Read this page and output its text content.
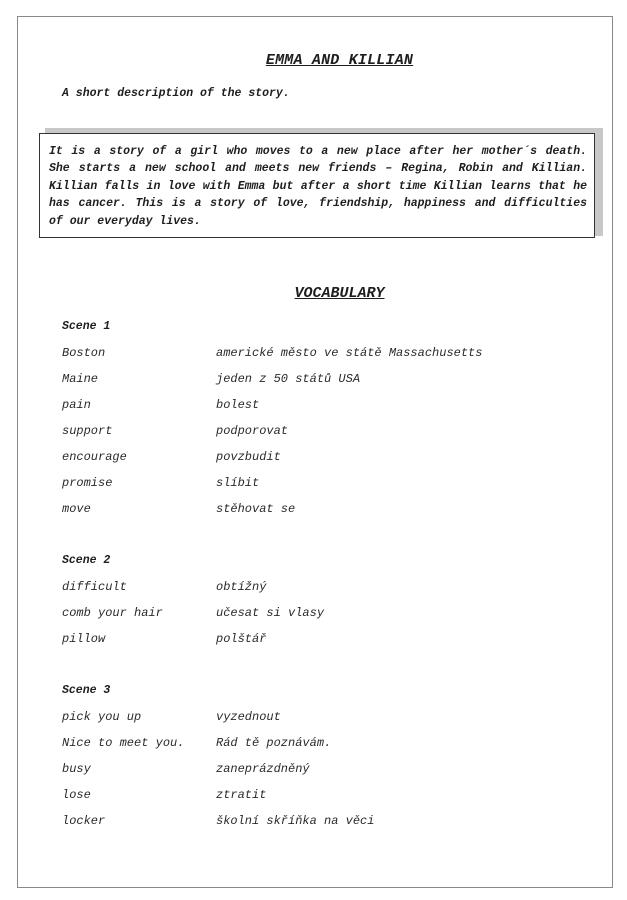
EMMA AND KILLIAN
A short description of the story.

It is a story of a girl who moves to a new place after her mother´s death. She starts a new school and meets new friends – Regina, Robin and Killian. Killian falls in love with Emma but after a short time Killian learns that he has cancer. This is a story of love, friendship, happiness and difficulties of our everyday lives.

VOCABULARY
Scene 1
Boston	americké město ve státě Massachusetts
Maine	jeden z 50 států USA
pain	bolest
support	podporovat
encourage	povzbudit
promise	slíbit
move	stěhovat se
Scene 2
difficult	obtížný
comb your hair	učesat si vlasy
pillow	polštář
Scene 3
pick you up	vyzednout
Nice to meet you.	Rád tě poznávám.
busy	zaneprázdněný
lose	ztratit
locker	školní skříňka na věci
